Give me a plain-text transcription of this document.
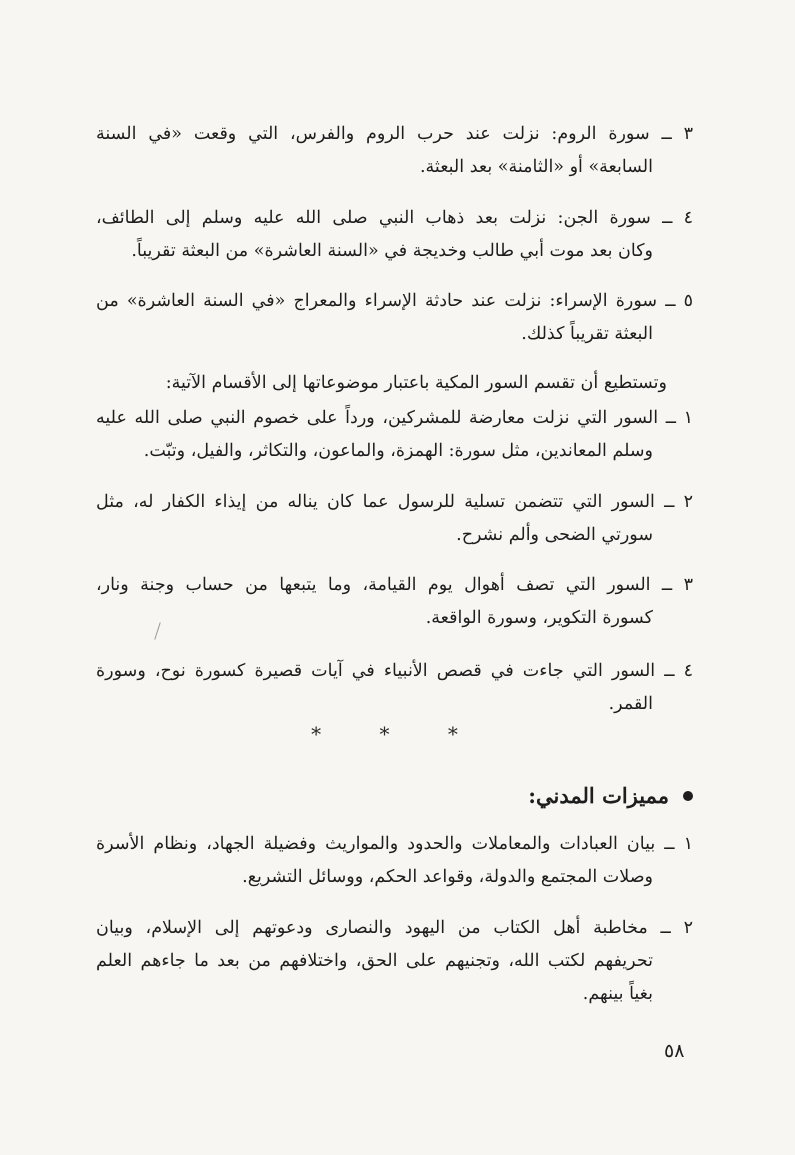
٣ ــ سورة الروم: نزلت عند حرب الروم والفرس، التي وقعت «في السنة
السابعة» أو «الثامنة» بعد البعثة.
٤ ــ سورة الجن: نزلت بعد ذهاب النبي صلى الله عليه وسلم إلى الطائف،
وكان بعد موت أبي طالب وخديجة في «السنة العاشرة» من البعثة تقريباً.
٥ ــ سورة الإسراء: نزلت عند حادثة الإسراء والمعراج «في السنة العاشرة» من
البعثة تقريباً كذلك.
وتستطيع أن تقسم السور المكية باعتبار موضوعاتها إلى الأقسام الآتية:
١ ــ السور التي نزلت معارضة للمشركين، ورداً على خصوم النبي صلى الله عليه
وسلم المعاندين، مثل سورة: الهمزة، والماعون، والتكاثر، والفيل، وتبّت.
٢ ــ السور التي تتضمن تسلية للرسول عما كان يناله من إيذاء الكفار له، مثل
سورتي الضحى وألم نشرح.
٣ ــ السور التي تصف أهوال يوم القيامة، وما يتبعها من حساب وجنة ونار،
كسورة التكوير، وسورة الواقعة.
٤ ــ السور التي جاءت في قصص الأنبياء في آيات قصيرة كسورة نوح، وسورة
القمر.
* * *
مميزات المدني:
١ ــ بيان العبادات والمعاملات والحدود والمواريث وفضيلة الجهاد، ونظام الأسرة
وصلات المجتمع والدولة، وقواعد الحكم، ووسائل التشريع.
٢ ــ مخاطبة أهل الكتاب من اليهود والنصارى ودعوتهم إلى الإسلام، وبيان
تحريفهم لكتب الله، وتجنيهم على الحق، واختلافهم من بعد ما جاءهم العلم
بغياً بينهم.
٥٨
